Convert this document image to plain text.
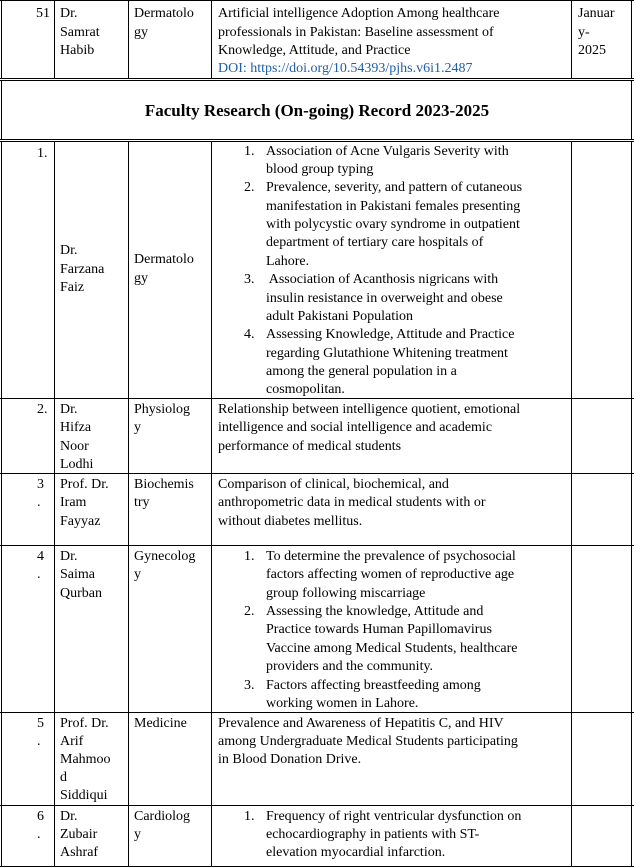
51 Dr.
Samrat
Habib
Dermatolo
gy
Artificial intelligence Adoption Among healthcare
professionals in Pakistan: Baseline assessment of
Knowledge, Attitude, and Practice
DOI: https://doi.org/10.54393/pjhs.v6i1.2487
Januar
y-
2025
Faculty Research (On-going) Record 2023-2025
1.
Dr.
Farzana
Faiz
Dermatolo
gy
1. Association of Acne Vulgaris Severity with
blood group typing
2. Prevalence, severity, and pattern of cutaneous
manifestation in Pakistani females presenting
with polycystic ovary syndrome in outpatient
department of tertiary care hospitals of
Lahore.
3. Association of Acanthosis nigricans with
insulin resistance in overweight and obese
adult Pakistani Population
4. Assessing Knowledge, Attitude and Practice
regarding Glutathione Whitening treatment
among the general population in a
cosmopolitan.
2. Dr.
Hifza
Noor
Lodhi
Physiolog
y
Relationship between intelligence quotient, emotional
intelligence and social intelligence and academic
performance of medical students
3
.
Prof. Dr.
Iram
Fayyaz
Biochemis
try
Comparison of clinical, biochemical, and
anthropometric data in medical students with or
without diabetes mellitus.
4
.
Dr.
Saima
Qurban
Gynecolog
y
1. To determine the prevalence of psychosocial
factors affecting women of reproductive age
group following miscarriage
2. Assessing the knowledge, Attitude and
Practice towards Human Papillomavirus
Vaccine among Medical Students, healthcare
providers and the community.
3. Factors affecting breastfeeding among
working women in Lahore.
5
.
Prof. Dr.
Arif
Mahmoo
d
Siddiqui
Medicine Prevalence and Awareness of Hepatitis C, and HIV
among Undergraduate Medical Students participating
in Blood Donation Drive.
6
.
Dr.
Zubair
Ashraf
Cardiolog
y
1. Frequency of right ventricular dysfunction on
echocardiography in patients with ST-
elevation myocardial infarction.
